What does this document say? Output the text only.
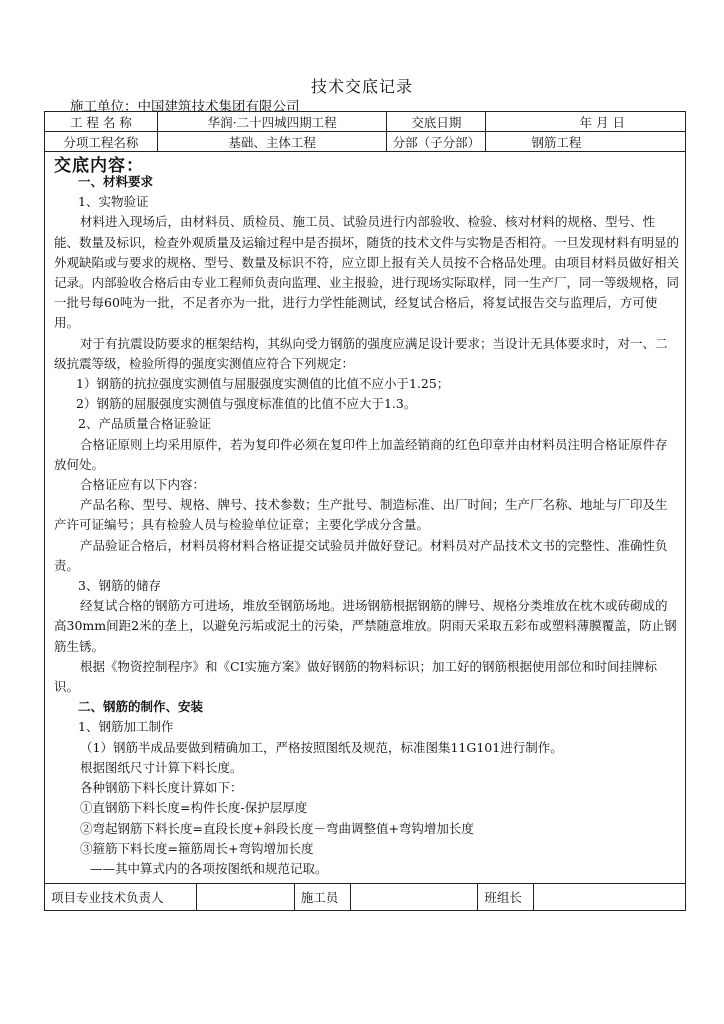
技术交底记录
施工单位：中国建筑技术集团有限公司
工 程 名 称	华润·二十四城四期工程	交底日期	年 月 日
分项工程名称	基础、主体工程	分部（子分部）	钢筋工程
交底内容：

一、材料要求

1、实物验证

材料进入现场后，由材料员、质检员、施工员、试验员进行内部验收、检验、核对材料的规格、型号、性能、数量及标识，检查外观质量及运输过程中是否损坏，随货的技术文件与实物是否相符。一旦发现材料有明显的外观缺陷或与要求的规格、型号、数量及标识不符，应立即上报有关人员按不合格品处理。由项目材料员做好相关记录。内部验收合格后由专业工程师负责向监理、业主报验，进行现场实际取样，同一生产厂，同一等级规格，同一批号每60吨为一批，不足者亦为一批，进行力学性能测试，经复试合格后，将复试报告交与监理后，方可使用。

对于有抗震设防要求的框架结构，其纵向受力钢筋的强度应满足设计要求；当设计无具体要求时，对一、二级抗震等级，检验所得的强度实测值应符合下列规定：

1）钢筋的抗拉强度实测值与屈服强度实测值的比值不应小于1.25；

2）钢筋的屈服强度实测值与强度标准值的比值不应大于1.3。

2、产品质量合格证验证

合格证原则上均采用原件，若为复印件必须在复印件上加盖经销商的红色印章并由材料员注明合格证原件存放何处。

合格证应有以下内容：

产品名称、型号、规格、牌号、技术参数；生产批号、制造标准、出厂时间；生产厂名称、地址与厂印及生产许可证编号；具有检验人员与检验单位证章；主要化学成分含量。

产品验证合格后，材料员将材料合格证提交试验员并做好登记。材料员对产品技术文书的完整性、准确性负责。

3、钢筋的储存

经复试合格的钢筋方可进场，堆放至钢筋场地。进场钢筋根据钢筋的牌号、规格分类堆放在枕木或砖砌成的高30mm间距2米的垄上，以避免污垢或泥土的污染，严禁随意堆放。阴雨天采取五彩布或塑料薄膜覆盖，防止钢筋生锈。

根据《物资控制程序》和《CI实施方案》做好钢筋的物料标识；加工好的钢筋根据使用部位和时间挂牌标识。

二、钢筋的制作、安装

1、钢筋加工制作

（1）钢筋半成品要做到精确加工，严格按照图纸及规范，标准图集11G101进行制作。

根据图纸尺寸计算下料长度。

各种钢筋下料长度计算如下：

①直钢筋下料长度=构件长度-保护层厚度

②弯起钢筋下料长度=直段长度+斜段长度－弯曲调整值+弯钩增加长度

③箍筋下料长度=箍筋周长+弯钩增加长度

——其中算式内的各项按图纸和规范记取。

项目专业技术负责人		施工员		班组长	
